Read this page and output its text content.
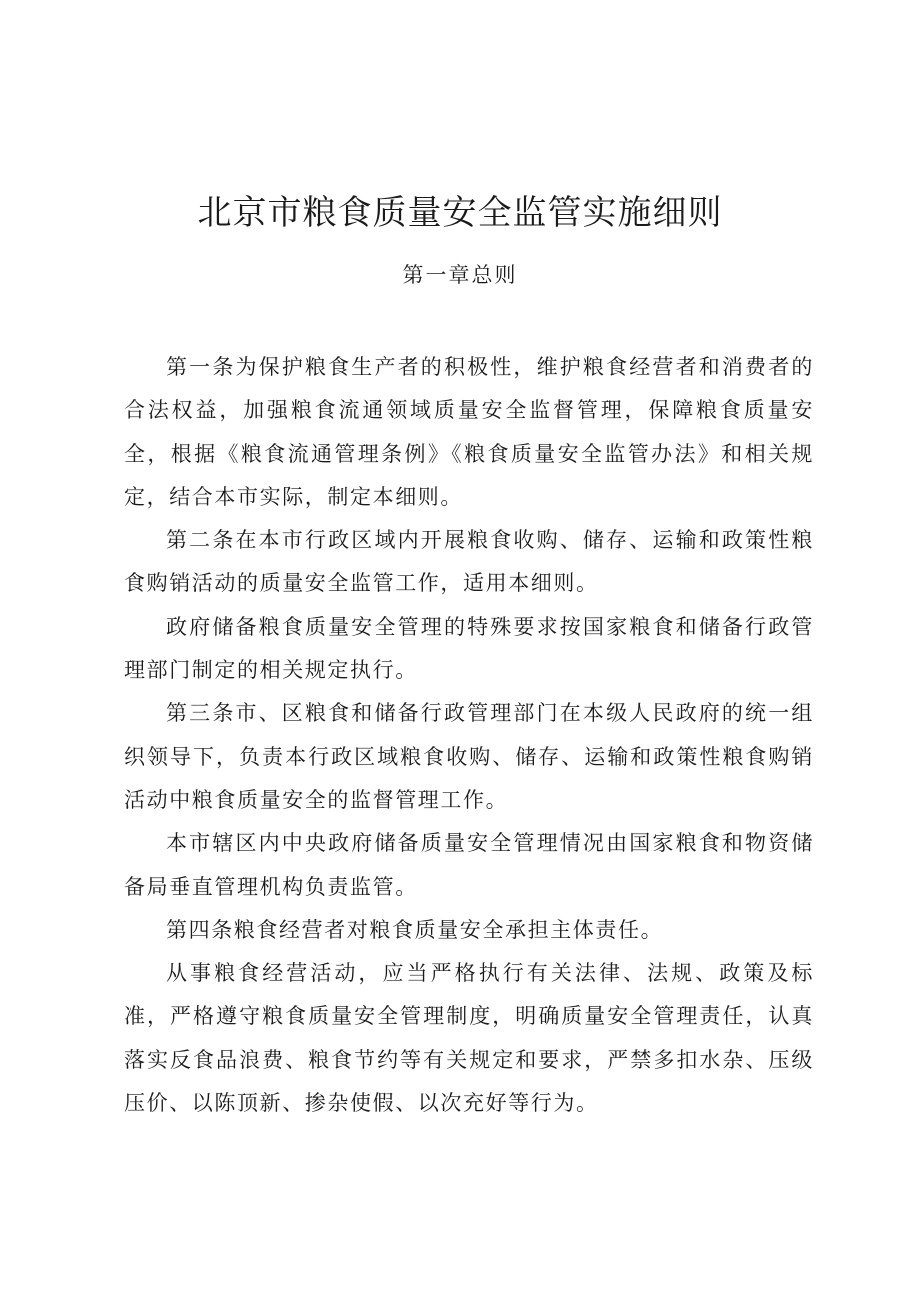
北京市粮食质量安全监管实施细则
第一章总则

第一条为保护粮食生产者的积极性，维护粮食经营者和消费者的合法权益，加强粮食流通领域质量安全监督管理，保障粮食质量安全，根据《粮食流通管理条例》《粮食质量安全监管办法》和相关规定，结合本市实际，制定本细则。

第二条在本市行政区域内开展粮食收购、储存、运输和政策性粮食购销活动的质量安全监管工作，适用本细则。

政府储备粮食质量安全管理的特殊要求按国家粮食和储备行政管理部门制定的相关规定执行。

第三条市、区粮食和储备行政管理部门在本级人民政府的统一组织领导下，负责本行政区域粮食收购、储存、运输和政策性粮食购销活动中粮食质量安全的监督管理工作。

本市辖区内中央政府储备质量安全管理情况由国家粮食和物资储备局垂直管理机构负责监管。

第四条粮食经营者对粮食质量安全承担主体责任。

从事粮食经营活动，应当严格执行有关法律、法规、政策及标准，严格遵守粮食质量安全管理制度，明确质量安全管理责任，认真落实反食品浪费、粮食节约等有关规定和要求，严禁多扣水杂、压级压价、以陈顶新、掺杂使假、以次充好等行为。
